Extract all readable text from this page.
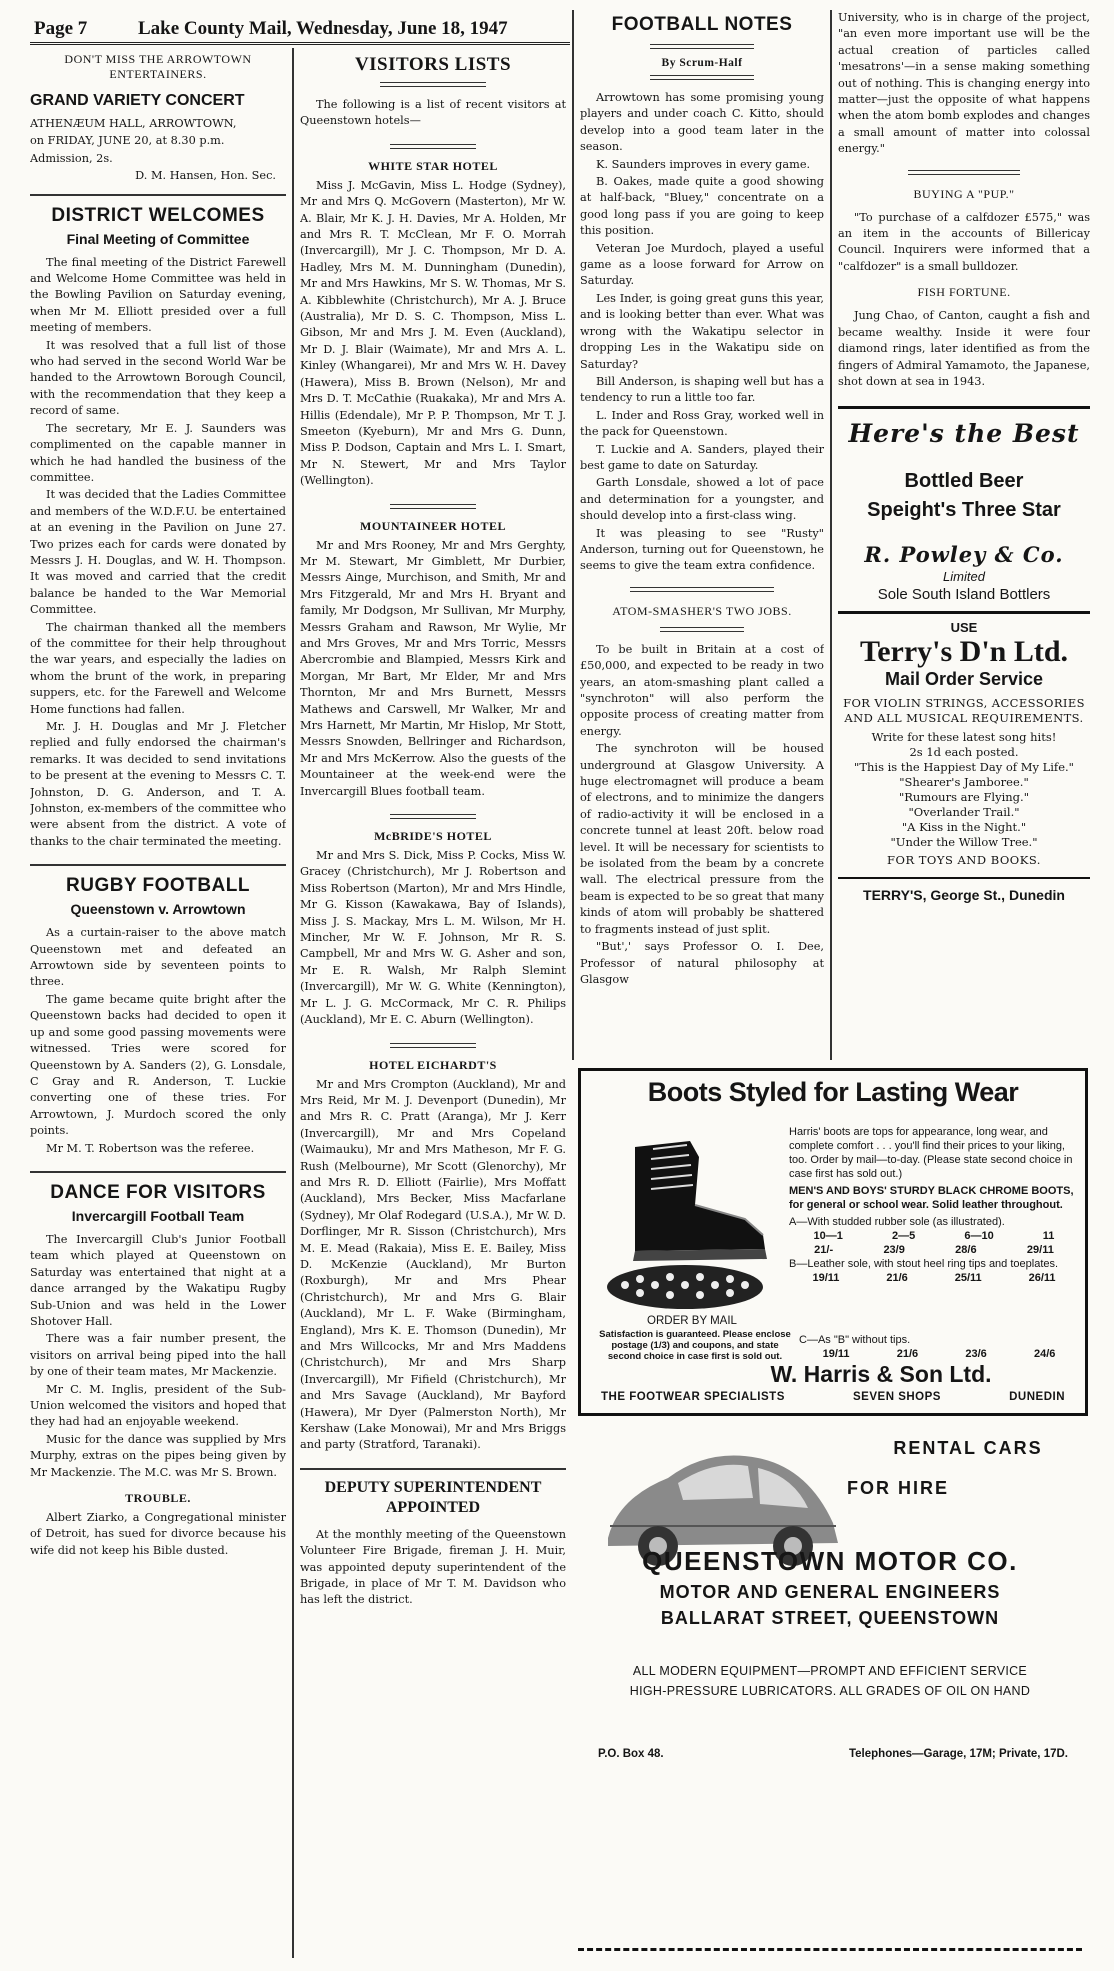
Page 7	Lake County Mail, Wednesday, June 18, 1947
DON'T MISS THE ARROWTOWN
ENTERTAINERS.
GRAND VARIETY CONCERT
ATHENÆUM HALL, ARROWTOWN,
on FRIDAY, JUNE 20, at 8.30 p.m.
Admission, 2s.
D. M. Hansen, Hon. Sec.
DISTRICT WELCOMES
Final Meeting of Committee

The final meeting of the District Farewell and Welcome Home Committee was held in the Bowling Pavilion on Saturday evening, when Mr M. Elliott presided over a full meeting of members.

It was resolved that a full list of those who had served in the second World War be handed to the Arrowtown Borough Council, with the recommendation that they keep a record of same.

The secretary, Mr E. J. Saunders was complimented on the capable manner in which he had handled the business of the committee.

It was decided that the Ladies Committee and members of the W.D.F.U. be entertained at an evening in the Pavilion on June 27. Two prizes each for cards were donated by Messrs J. H. Douglas, and W. H. Thompson. It was moved and carried that the credit balance be handed to the War Memorial Committee.

The chairman thanked all the members of the committee for their help throughout the war years, and especially the ladies on whom the brunt of the work, in preparing suppers, etc. for the Farewell and Welcome Home functions had fallen.

Mr. J. H. Douglas and Mr J. Fletcher replied and fully endorsed the chairman's remarks. It was decided to send invitations to be present at the evening to Messrs C. T. Johnston, D. G. Anderson, and T. A. Johnston, ex-members of the committee who were absent from the district. A vote of thanks to the chair terminated the meeting.

RUGBY FOOTBALL
Queenstown v. Arrowtown

As a curtain-raiser to the above match Queenstown met and defeated an Arrowtown side by seventeen points to three.

The game became quite bright after the Queenstown backs had decided to open it up and some good passing movements were witnessed. Tries were scored for Queenstown by A. Sanders (2), G. Lonsdale, C Gray and R. Anderson, T. Luckie converting one of these tries. For Arrowtown, J. Murdoch scored the only points.

Mr M. T. Robertson was the referee.

DANCE FOR VISITORS
Invercargill Football Team

The Invercargill Club's Junior Football team which played at Queenstown on Saturday was entertained that night at a dance arranged by the Wakatipu Rugby Sub-Union and was held in the Lower Shotover Hall.

There was a fair number present, the visitors on arrival being piped into the hall by one of their team mates, Mr Mackenzie.

Mr C. M. Inglis, president of the Sub-Union welcomed the visitors and hoped that they had had an enjoyable weekend.

Music for the dance was supplied by Mrs Murphy, extras on the pipes being given by Mr Mackenzie. The M.C. was Mr S. Brown.

TROUBLE.

Albert Ziarko, a Congregational minister of Detroit, has sued for divorce because his wife did not keep his Bible dusted.

VISITORS LISTS

The following is a list of recent visitors at Queenstown hotels—

WHITE STAR HOTEL

Miss J. McGavin, Miss L. Hodge (Sydney), Mr and Mrs Q. McGovern (Masterton), Mr W. A. Blair, Mr K. J. H. Davies, Mr A. Holden, Mr and Mrs R. T. McClean, Mr F. O. Morrah (Invercargill), Mr J. C. Thompson, Mr D. A. Hadley, Mrs M. M. Dunningham (Dunedin), Mr and Mrs Hawkins, Mr S. W. Thomas, Mr S. A. Kibblewhite (Christchurch), Mr A. J. Bruce (Australia), Mr D. S. C. Thompson, Miss L. Gibson, Mr and Mrs J. M. Even (Auckland), Mr D. J. Blair (Waimate), Mr and Mrs A. L. Kinley (Whangarei), Mr and Mrs W. H. Davey (Hawera), Miss B. Brown (Nelson), Mr and Mrs D. T. McCathie (Ruakaka), Mr and Mrs A. Hillis (Edendale), Mr P. P. Thompson, Mr T. J. Smeeton (Kyeburn), Mr and Mrs G. Dunn, Miss P. Dodson, Captain and Mrs L. I. Smart, Mr N. Stewert, Mr and Mrs Taylor (Wellington).

MOUNTAINEER HOTEL

Mr and Mrs Rooney, Mr and Mrs Gerghty, Mr M. Stewart, Mr Gimblett, Mr Durbier, Messrs Ainge, Murchison, and Smith, Mr and Mrs Fitzgerald, Mr and Mrs H. Bryant and family, Mr Dodgson, Mr Sullivan, Mr Murphy, Messrs Graham and Rawson, Mr Wylie, Mr and Mrs Groves, Mr and Mrs Torric, Messrs Abercrombie and Blampied, Messrs Kirk and Morgan, Mr Bart, Mr Elder, Mr and Mrs Thornton, Mr and Mrs Burnett, Messrs Mathews and Carswell, Mr Walker, Mr and Mrs Harnett, Mr Martin, Mr Hislop, Mr Stott, Messrs Snowden, Bellringer and Richardson, Mr and Mrs McKerrow. Also the guests of the Mountaineer at the week-end were the Invercargill Blues football team.

McBRIDE'S HOTEL

Mr and Mrs S. Dick, Miss P. Cocks, Miss W. Gracey (Christchurch), Mr J. Robertson and Miss Robertson (Marton), Mr and Mrs Hindle, Mr G. Kisson (Kawakawa, Bay of Islands), Miss J. S. Mackay, Mrs L. M. Wilson, Mr H. Mincher, Mr W. F. Johnson, Mr R. S. Campbell, Mr and Mrs W. G. Asher and son, Mr E. R. Walsh, Mr Ralph Slemint (Invercargill), Mr W. G. White (Kennington), Mr L. J. G. McCormack, Mr C. R. Philips (Auckland), Mr E. C. Aburn (Wellington).

HOTEL EICHARDT'S

Mr and Mrs Crompton (Auckland), Mr and Mrs Reid, Mr M. J. Devenport (Dunedin), Mr and Mrs R. C. Pratt (Aranga), Mr J. Kerr (Invercargill), Mr and Mrs Copeland (Waimauku), Mr and Mrs Matheson, Mr F. G. Rush (Melbourne), Mr Scott (Glenorchy), Mr and Mrs R. D. Elliott (Fairlie), Mrs Moffatt (Auckland), Mrs Becker, Miss Macfarlane (Sydney), Mr Olaf Rodegard (U.S.A.), Mr W. D. Dorflinger, Mr R. Sisson (Christchurch), Mrs M. E. Mead (Rakaia), Miss E. E. Bailey, Miss D. McKenzie (Auckland), Mr Burton (Roxburgh), Mr and Mrs Phear (Christchurch), Mr and Mrs G. Blair (Auckland), Mr L. F. Wake (Birmingham, England), Mrs K. E. Thomson (Dunedin), Mr and Mrs Willcocks, Mr and Mrs Maddens (Christchurch), Mr and Mrs Sharp (Invercargill), Mr Fifield (Christchurch), Mr and Mrs Savage (Auckland), Mr Bayford (Hawera), Mr Dyer (Palmerston North), Mr Kershaw (Lake Monowai), Mr and Mrs Briggs and party (Stratford, Taranaki).

DEPUTY SUPERINTENDENT
APPOINTED

At the monthly meeting of the Queenstown Volunteer Fire Brigade, fireman J. H. Muir, was appointed deputy superintendent of the Brigade, in place of Mr T. M. Davidson who has left the district.

FOOTBALL NOTES
By Scrum-Half

Arrowtown has some promising young players and under coach C. Kitto, should develop into a good team later in the season.

K. Saunders improves in every game.

B. Oakes, made quite a good showing at half-back, "Bluey," concentrate on a good long pass if you are going to keep this position.

Veteran Joe Murdoch, played a useful game as a loose forward for Arrow on Saturday.

Les Inder, is going great guns this year, and is looking better than ever. What was wrong with the Wakatipu selector in dropping Les in the Wakatipu side on Saturday?

Bill Anderson, is shaping well but has a tendency to run a little too far.

L. Inder and Ross Gray, worked well in the pack for Queenstown.

T. Luckie and A. Sanders, played their best game to date on Saturday.

Garth Lonsdale, showed a lot of pace and determination for a youngster, and should develop into a first-class wing.

It was pleasing to see "Rusty" Anderson, turning out for Queenstown, he seems to give the team extra confidence.

ATOM-SMASHER'S TWO JOBS.

To be built in Britain at a cost of £50,000, and expected to be ready in two years, an atom-smashing plant called a "synchroton" will also perform the opposite process of creating matter from energy.

The synchroton will be housed underground at Glasgow University. A huge electromagnet will produce a beam of electrons, and to minimize the dangers of radio-activity it will be enclosed in a concrete tunnel at least 20ft. below road level. It will be necessary for scientists to be isolated from the beam by a concrete wall. The electrical pressure from the beam is expected to be so great that many kinds of atom will probably be shattered to fragments instead of just split.

"But',' says Professor O. I. Dee, Professor of natural philosophy at Glasgow

University, who is in charge of the project, "an even more important use will be the actual creation of particles called 'mesatrons'—in a sense making something out of nothing. This is changing energy into matter—just the opposite of what happens when the atom bomb explodes and changes a small amount of matter into colossal energy."

BUYING A "PUP."

"To purchase of a calfdozer £575," was an item in the accounts of Billericay Council. Inquirers were informed that a "calfdozer" is a small bulldozer.

FISH FORTUNE.

Jung Chao, of Canton, caught a fish and became wealthy. Inside it were four diamond rings, later identified as from the fingers of Admiral Yamamoto, the Japanese, shot down at sea in 1943.

Here's the Best
Bottled Beer
Speight's Three Star
R. Powley & Co.
Limited
Sole South Island Bottlers
USE
Terry's D'n Ltd.
Mail Order Service
FOR VIOLIN STRINGS, ACCESSORIES AND ALL MUSICAL REQUIREMENTS.
Write for these latest song hits!
2s 1d each posted.
"This is the Happiest Day of My Life."
"Shearer's Jamboree."
"Rumours are Flying."
"Overlander Trail."
"A Kiss in the Night."
"Under the Willow Tree."
FOR TOYS AND BOOKS.
TERRY'S, George St., Dunedin
Boots Styled for Lasting Wear
Harris' boots are tops for appearance, long wear, and complete comfort . . . you'll find their prices to your liking, too. Order by mail—to-day. (Please state second choice in case first has sold out.)
MEN'S AND BOYS' STURDY BLACK CHROME BOOTS, for general or school wear. Solid leather throughout.
A—With studded rubber sole (as illustrated).
10—1	2—5	6—10	11
21/-	23/9	28/6	29/11
B—Leather sole, with stout heel ring tips and toeplates.
19/11	21/6	25/11	26/11
ORDER BY MAIL
Satisfaction is guaranteed. Please enclose postage (1/3) and coupons, and state second choice in case first is sold out.
C—As "B" without tips.
19/11	21/6	23/6	24/6
W. Harris & Son Ltd.
THE FOOTWEAR SPECIALISTS	SEVEN SHOPS	DUNEDIN
RENTAL CARS
FOR HIRE
QUEENSTOWN MOTOR CO.
MOTOR AND GENERAL ENGINEERS
BALLARAT STREET, QUEENSTOWN
ALL MODERN EQUIPMENT—PROMPT AND EFFICIENT SERVICE
HIGH-PRESSURE LUBRICATORS. ALL GRADES OF OIL ON HAND
P.O. Box 48.	Telephones—Garage, 17M; Private, 17D.
